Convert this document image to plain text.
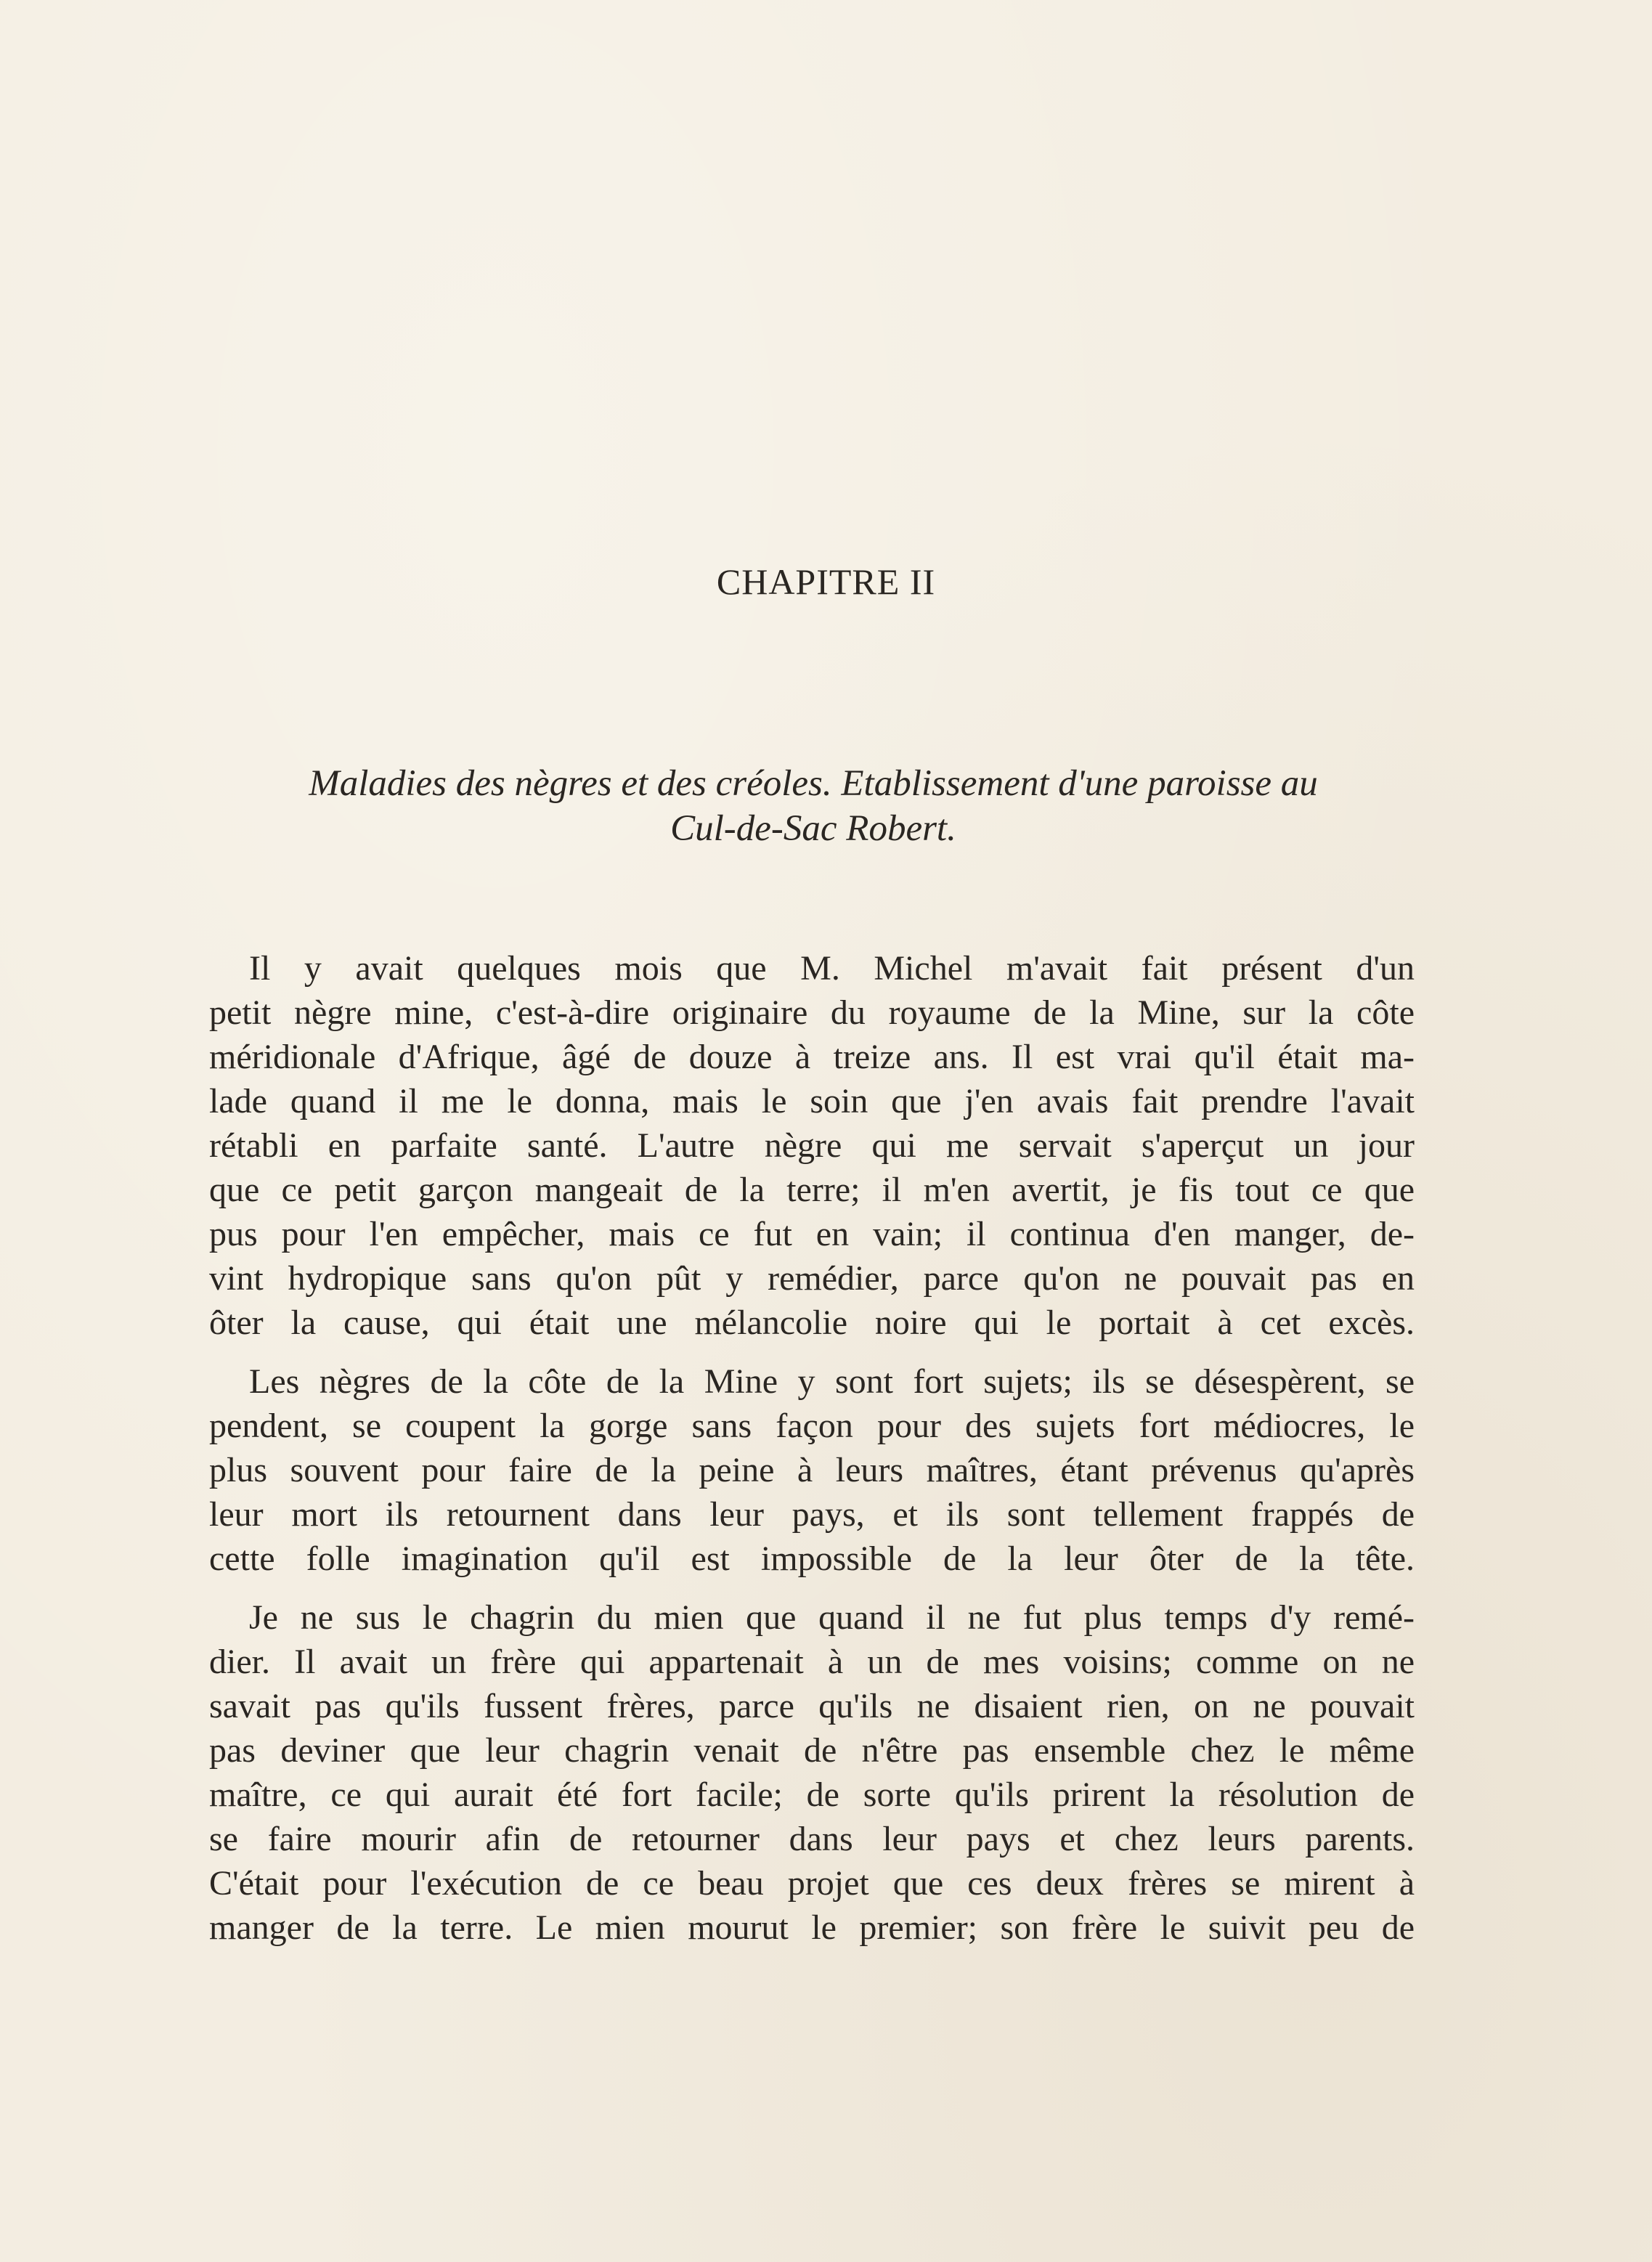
CHAPITRE II

Maladies des nègres et des créoles. Etablissement d'une paroisse au
Cul-de-Sac Robert.

Il y avait quelques mois que M. Michel m'avait fait présent d'un
petit nègre mine, c'est-à-dire originaire du royaume de la Mine, sur la côte
méridionale d'Afrique, âgé de douze à treize ans. Il est vrai qu'il était ma-
lade quand il me le donna, mais le soin que j'en avais fait prendre l'avait
rétabli en parfaite santé. L'autre nègre qui me servait s'aperçut un jour
que ce petit garçon mangeait de la terre; il m'en avertit, je fis tout ce que
pus pour l'en empêcher, mais ce fut en vain; il continua d'en manger, de-
vint hydropique sans qu'on pût y remédier, parce qu'on ne pouvait pas en
ôter la cause, qui était une mélancolie noire qui le portait à cet excès.

Les nègres de la côte de la Mine y sont fort sujets; ils se désespèrent, se
pendent, se coupent la gorge sans façon pour des sujets fort médiocres, le
plus souvent pour faire de la peine à leurs maîtres, étant prévenus qu'après
leur mort ils retournent dans leur pays, et ils sont tellement frappés de
cette folle imagination qu'il est impossible de la leur ôter de la tête.

Je ne sus le chagrin du mien que quand il ne fut plus temps d'y remé-
dier. Il avait un frère qui appartenait à un de mes voisins; comme on ne
savait pas qu'ils fussent frères, parce qu'ils ne disaient rien, on ne pouvait
pas deviner que leur chagrin venait de n'être pas ensemble chez le même
maître, ce qui aurait été fort facile; de sorte qu'ils prirent la résolution de
se faire mourir afin de retourner dans leur pays et chez leurs parents.
C'était pour l'exécution de ce beau projet que ces deux frères se mirent à
manger de la terre. Le mien mourut le premier; son frère le suivit peu de
